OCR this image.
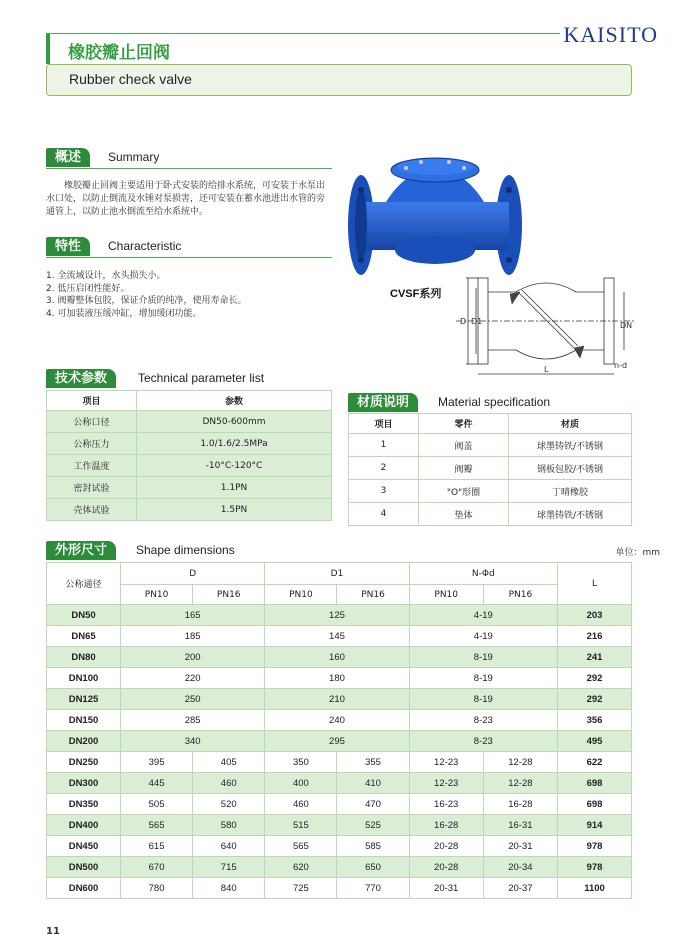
KAISITO
橡胶瓣止回阀
Rubber check valve
概述	Summary
橡胶瓣止回阀主要适用于卧式安装的给排水系统，可安装于水泵出水口处，以防止倒流及水锤对泵损害，还可安装在蓄水池进出水管的旁通管上，以防止池水倒流至给水系统中。
特性	Characteristic
1. 全流域设计，水头损失小。
2. 低压启闭性能好。
3. 阀瓣整体包胶，保证介质的纯净，使用寿命长。
4. 可加装液压缓冲缸，增加缓闭功能。
CVSF系列
D D1	DN
L	n-d
技术参数	Technical parameter list
项目	参数
公称口径	DN50-600mm
公称压力	1.0/1.6/2.5MPa
工作温度	-10°C-120°C
密封试验	1.1PN
壳体试验	1.5PN
材质说明	Material specification
项目	零件	材质
1	阀盖	球墨铸铁/不锈钢
2	阀瓣	钢板包胶/不锈钢
3	"O"形圈	丁晴橡胶
4	垫体	球墨铸铁/不锈钢
外形尺寸	Shape dimensions	单位：mm
公称通径	D		D1		N-Φd		L
	PN10	PN16	PN10	PN16	PN10	PN16	
DN50	165		125		4-19		203
DN65	185		145		4-19		216
DN80	200		160		8-19		241
DN100	220		180		8-19		292
DN125	250		210		8-19		292
DN150	285		240		8-23		356
DN200	340		295		8-23		495
DN250	395	405	350	355	12-23	12-28	622
DN300	445	460	400	410	12-23	12-28	698
DN350	505	520	460	470	16-23	16-28	698
DN400	565	580	515	525	16-28	16-31	914
DN450	615	640	565	585	20-28	20-31	978
DN500	670	715	620	650	20-28	20-34	978
DN600	780	840	725	770	20-31	20-37	1100
11
